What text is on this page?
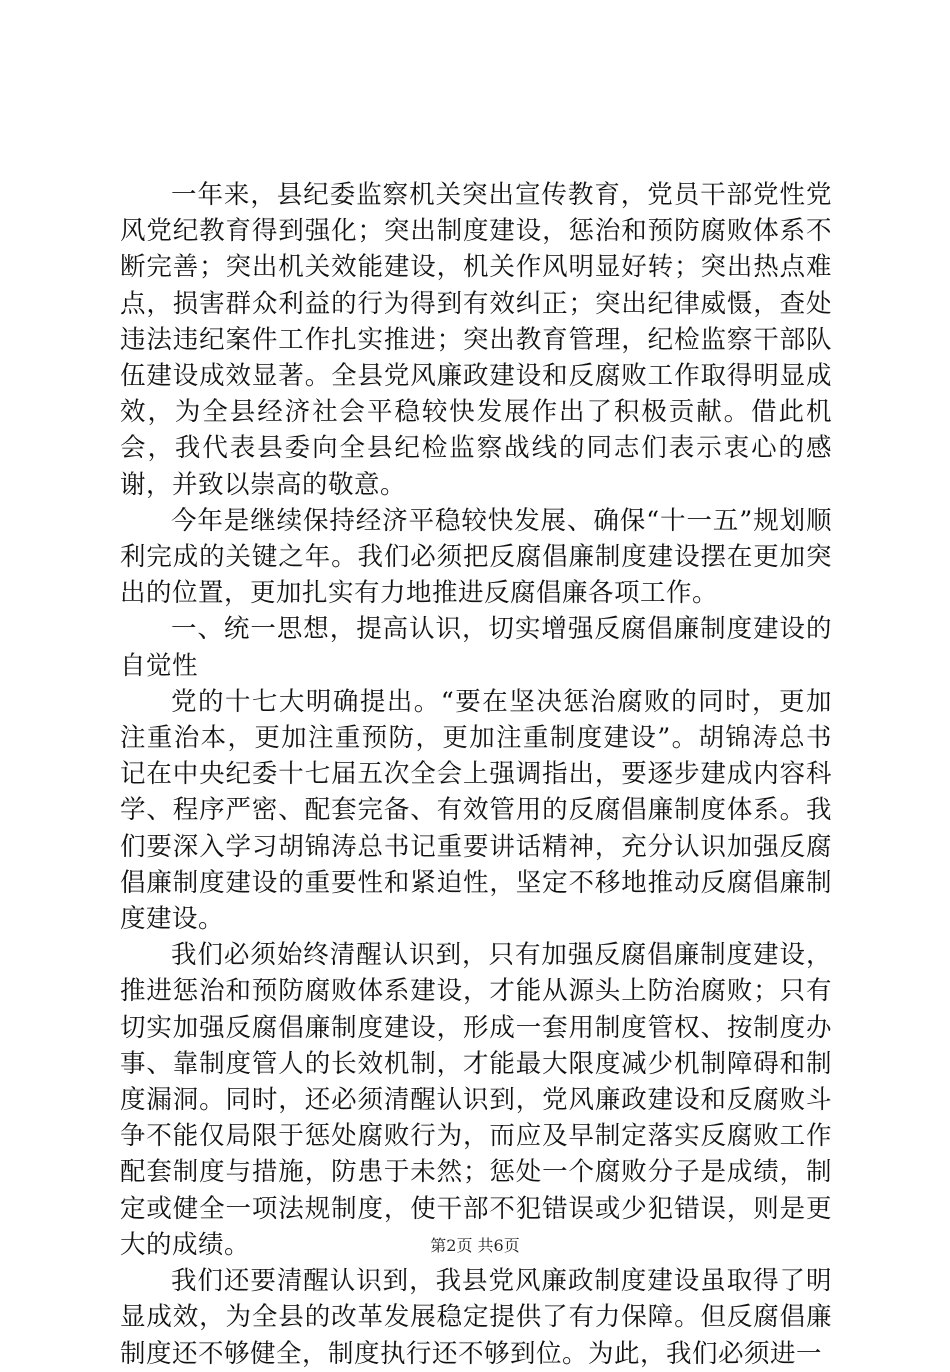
一年来，县纪委监察机关突出宣传教育，党员干部党性党风党纪教育得到强化；突出制度建设，惩治和预防腐败体系不断完善；突出机关效能建设，机关作风明显好转；突出热点难点，损害群众利益的行为得到有效纠正；突出纪律威慑，查处违法违纪案件工作扎实推进；突出教育管理，纪检监察干部队伍建设成效显著。全县党风廉政建设和反腐败工作取得明显成效，为全县经济社会平稳较快发展作出了积极贡献。借此机会，我代表县委向全县纪检监察战线的同志们表示衷心的感谢，并致以崇高的敬意。

今年是继续保持经济平稳较快发展、确保“十一五”规划顺利完成的关键之年。我们必须把反腐倡廉制度建设摆在更加突出的位置，更加扎实有力地推进反腐倡廉各项工作。

一、统一思想，提高认识，切实增强反腐倡廉制度建设的自觉性

党的十七大明确提出。“要在坚决惩治腐败的同时，更加注重治本，更加注重预防，更加注重制度建设”。胡锦涛总书记在中央纪委十七届五次全会上强调指出，要逐步建成内容科学、程序严密、配套完备、有效管用的反腐倡廉制度体系。我们要深入学习胡锦涛总书记重要讲话精神，充分认识加强反腐倡廉制度建设的重要性和紧迫性，坚定不移地推动反腐倡廉制度建设。

我们必须始终清醒认识到，只有加强反腐倡廉制度建设，推进惩治和预防腐败体系建设，才能从源头上防治腐败；只有切实加强反腐倡廉制度建设，形成一套用制度管权、按制度办事、靠制度管人的长效机制，才能最大限度减少机制障碍和制度漏洞。同时，还必须清醒认识到，党风廉政建设和反腐败斗争不能仅局限于惩处腐败行为，而应及早制定落实反腐败工作配套制度与措施，防患于未然；惩处一个腐败分子是成绩，制定或健全一项法规制度，使干部不犯错误或少犯错误，则是更大的成绩。

我们还要清醒认识到，我县党风廉政制度建设虽取得了明显成效，为全县的改革发展稳定提供了有力保障。但反腐倡廉制度还不够健全，制度执行还不够到位。为此，我们必须进一

第2页 共6页
